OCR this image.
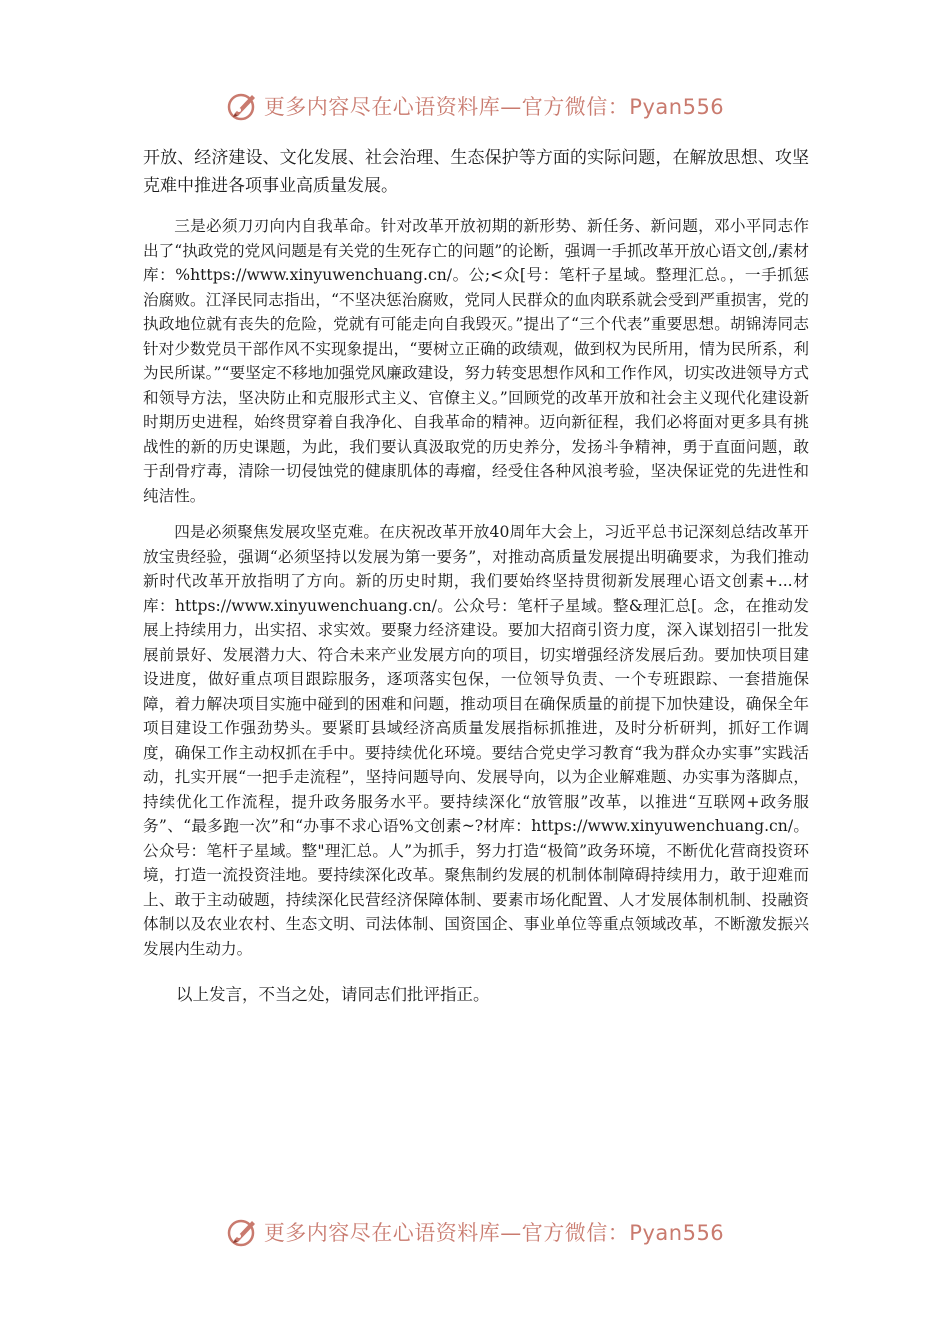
更多内容尽在心语资料库—官方微信：Pyan556

开放、经济建设、文化发展、社会治理、生态保护等方面的实际问题，在解放思想、攻坚克难中推进各项事业高质量发展。

三是必须刀刃向内自我革命。针对改革开放初期的新形势、新任务、新问题，邓小平同志作出了“执政党的党风问题是有关党的生死存亡的问题”的论断，强调一手抓改革开放心语文创,/素材库：%https://www.xinyuwenchuang.cn/。公;<众[号：笔杆子星域。整理汇总。，一手抓惩治腐败。江泽民同志指出，“不坚决惩治腐败，党同人民群众的血肉联系就会受到严重损害，党的执政地位就有丧失的危险，党就有可能走向自我毁灭。”提出了“三个代表”重要思想。胡锦涛同志针对少数党员干部作风不实现象提出，“要树立正确的政绩观，做到权为民所用，情为民所系，利为民所谋。”“要坚定不移地加强党风廉政建设，努力转变思想作风和工作作风，切实改进领导方式和领导方法，坚决防止和克服形式主义、官僚主义。”回顾党的改革开放和社会主义现代化建设新时期历史进程，始终贯穿着自我净化、自我革命的精神。迈向新征程，我们必将面对更多具有挑战性的新的历史课题，为此，我们要认真汲取党的历史养分，发扬斗争精神，勇于直面问题，敢于刮骨疗毒，清除一切侵蚀党的健康肌体的毒瘤，经受住各种风浪考验，坚决保证党的先进性和纯洁性。

四是必须聚焦发展攻坚克难。在庆祝改革开放40周年大会上，习近平总书记深刻总结改革开放宝贵经验，强调“必须坚持以发展为第一要务”，对推动高质量发展提出明确要求，为我们推动新时代改革开放指明了方向。新的历史时期，我们要始终坚持贯彻新发展理心语文创素+...材库：https://www.xinyuwenchuang.cn/。公众号：笔杆子星域。整&理汇总[。念，在推动发展上持续用力，出实招、求实效。要聚力经济建设。要加大招商引资力度，深入谋划招引一批发展前景好、发展潜力大、符合未来产业发展方向的项目，切实增强经济发展后劲。要加快项目建设进度，做好重点项目跟踪服务，逐项落实包保，一位领导负责、一个专班跟踪、一套措施保障，着力解决项目实施中碰到的困难和问题，推动项目在确保质量的前提下加快建设，确保全年项目建设工作强劲势头。要紧盯县域经济高质量发展指标抓推进，及时分析研判，抓好工作调度，确保工作主动权抓在手中。要持续优化环境。要结合党史学习教育“我为群众办实事”实践活动，扎实开展“一把手走流程”，坚持问题导向、发展导向，以为企业解难题、办实事为落脚点，持续优化工作流程，提升政务服务水平。要持续深化“放管服”改革，以推进“互联网+政务服务”、“最多跑一次”和“办事不求心语%文创素~?材库：https://www.xinyuwenchuang.cn/。公众号：笔杆子星域。整"理汇总。人”为抓手，努力打造“极简”政务环境，不断优化营商投资环境，打造一流投资洼地。要持续深化改革。聚焦制约发展的机制体制障碍持续用力，敢于迎难而上、敢于主动破题，持续深化民营经济保障体制、要素市场化配置、人才发展体制机制、投融资体制以及农业农村、生态文明、司法体制、国资国企、事业单位等重点领域改革，不断激发振兴发展内生动力。

以上发言，不当之处，请同志们批评指正。

更多内容尽在心语资料库—官方微信：Pyan556
